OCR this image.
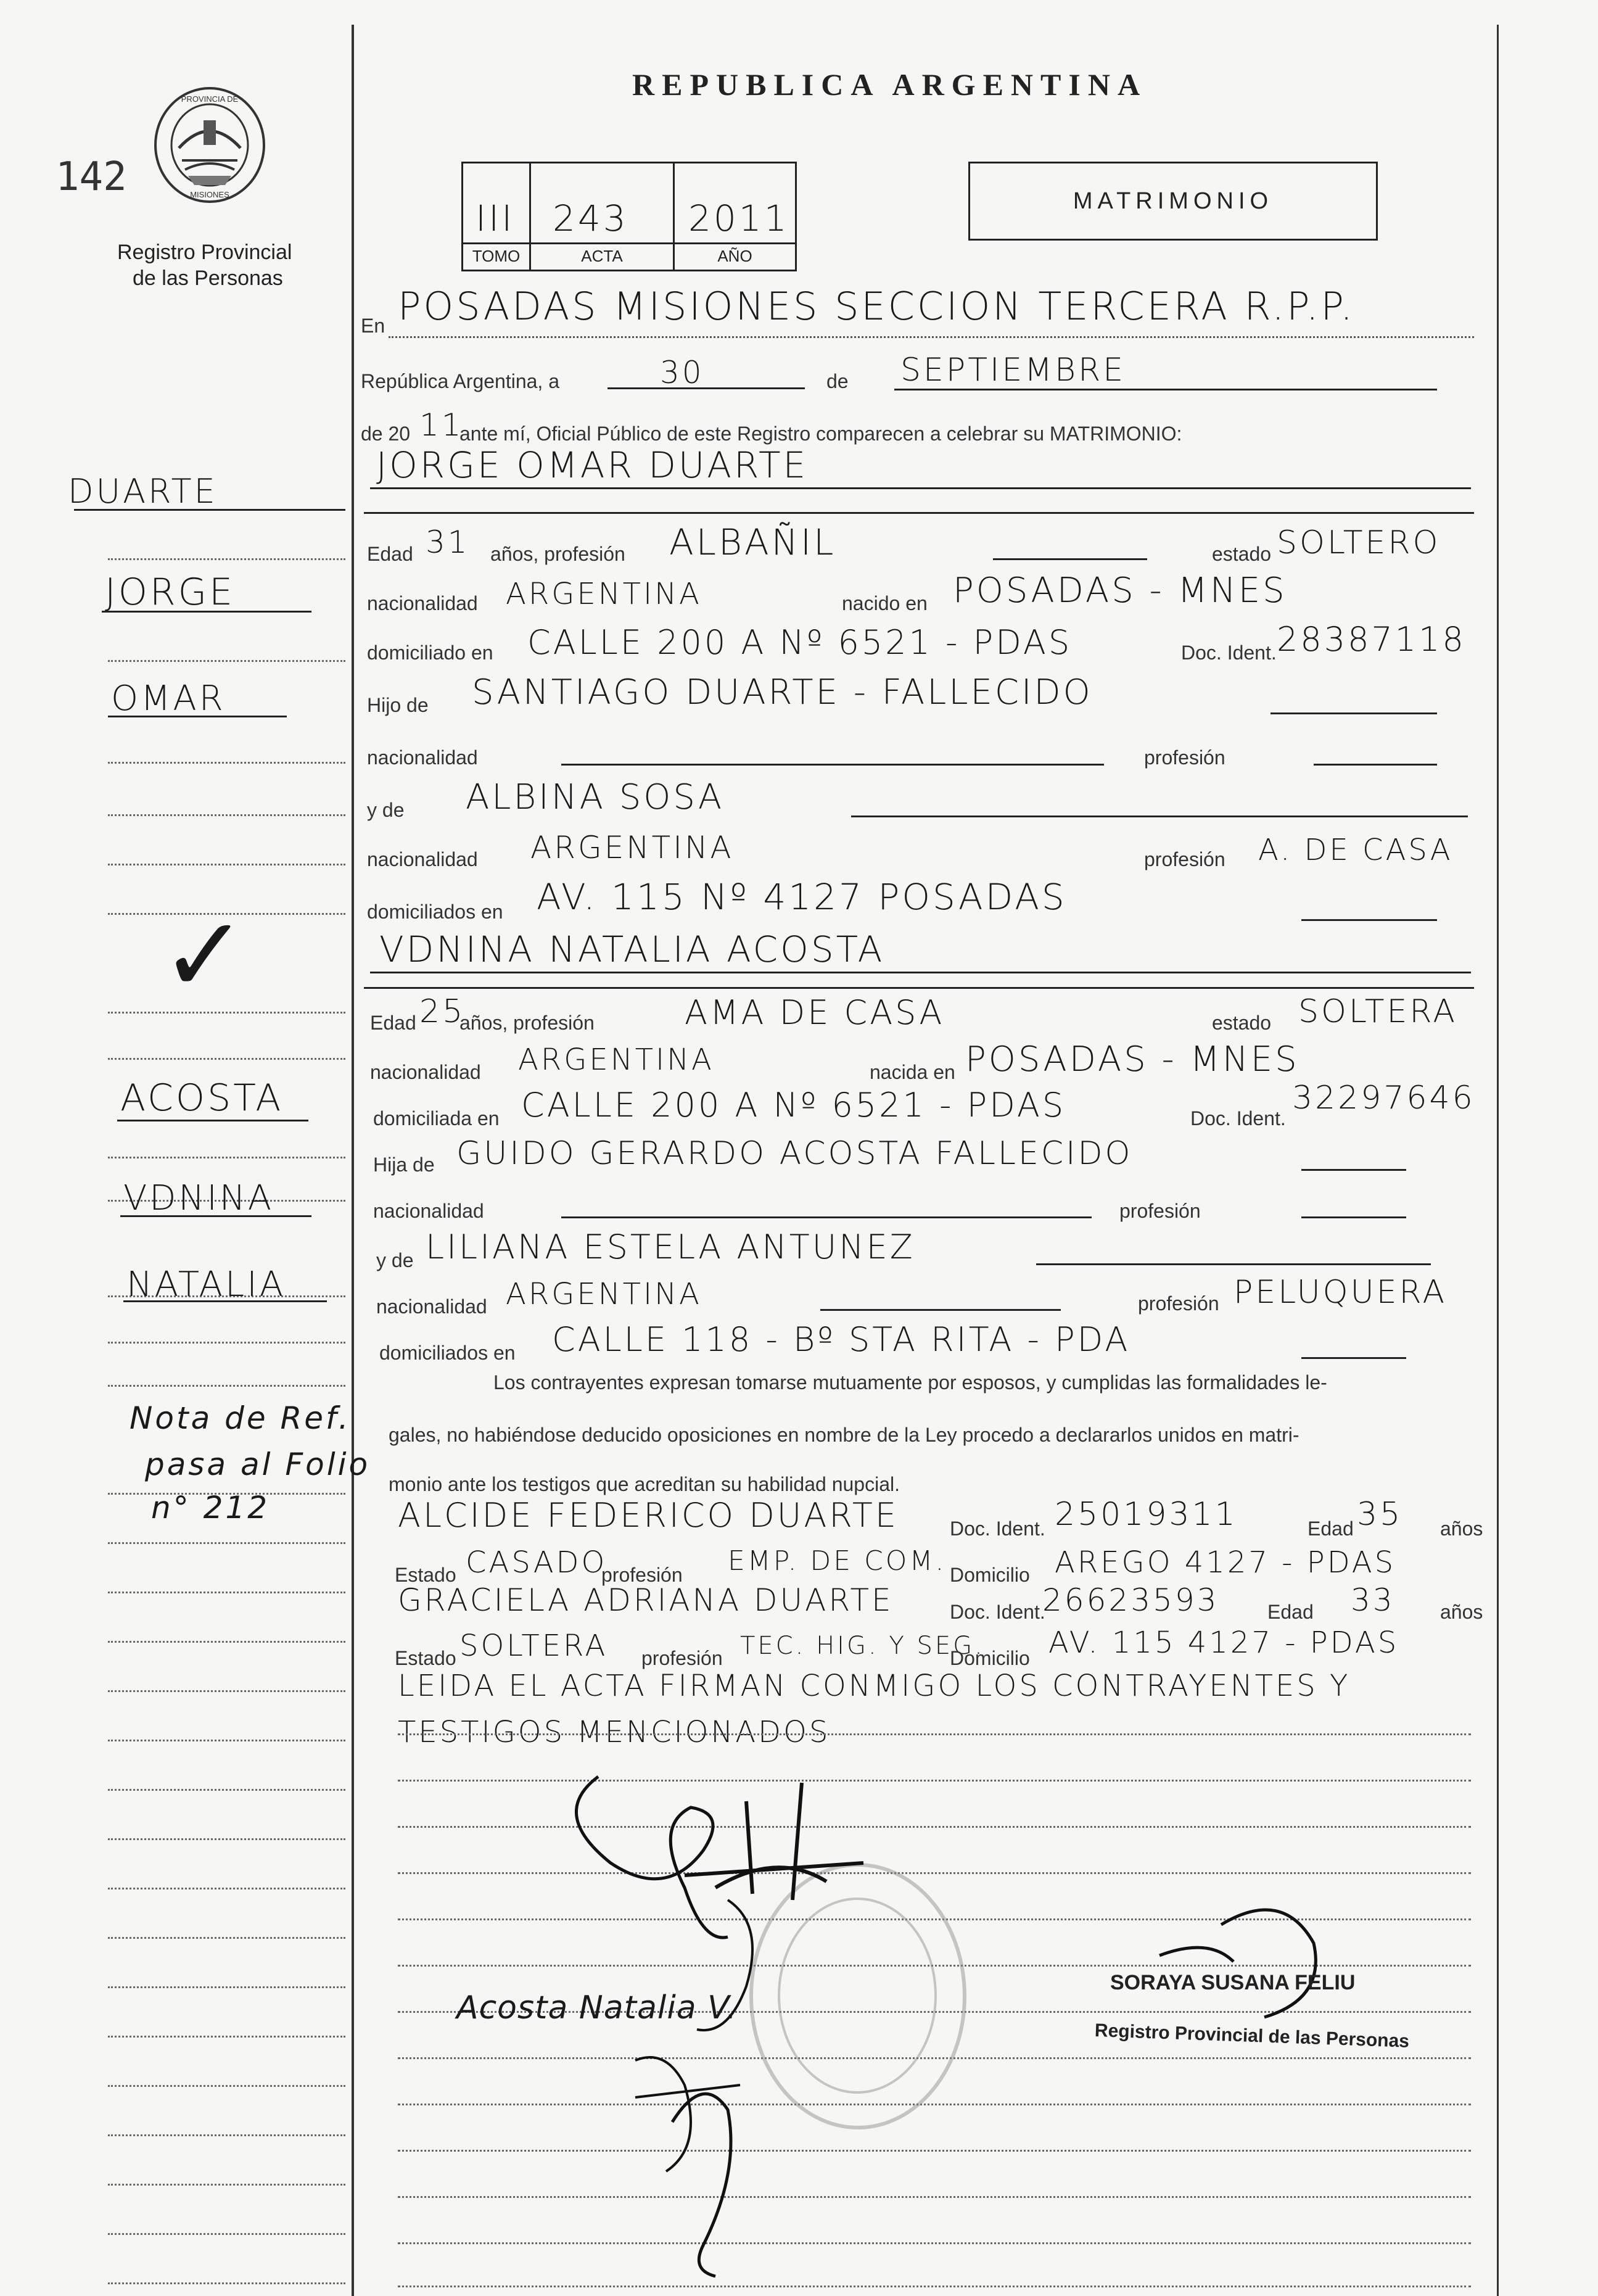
REPUBLICA ARGENTINA
142
PROVINCIA DE
MISIONES
Registro Provincial
de las Personas
III 243 2011
TOMO	ACTA	AÑO
MATRIMONIO
DUARTE
JORGE
OMAR
✓
ACOSTA
VDNINA
NATALIA
Nota de Ref.
pasa al Folio
n° 212
En POSADAS MISIONES SECCION TERCERA R.P.P.
República Argentina, a	30	de SEPTIEMBRE
de 20 11
ante mí, Oficial Público de este Registro comparecen a celebrar su MATRIMONIO:
JORGE OMAR DUARTE
Edad 31 años, profesión ALBAÑIL	estado SOLTERO
nacionalidad ARGENTINA	nacido en POSADAS - MNES
domiciliado en CALLE 200 A Nº 6521 - PDAS	Doc. Ident. 28387118
Hijo de SANTIAGO DUARTE - FALLECIDO
nacionalidad	profesión
y de ALBINA SOSA
nacionalidad ARGENTINA	profesión A. DE CASA
domiciliados en AV. 115 Nº 4127 POSADAS
VDNINA NATALIA ACOSTA
Edad 25
años, profesión	AMA DE CASA	estado SOLTERA
nacionalidad ARGENTINA	nacida en POSADAS - MNES
domiciliada en CALLE 200 A Nº 6521 - PDAS	Doc. Ident.
32297646
Hija de GUIDO GERARDO ACOSTA FALLECIDO
nacionalidad	profesión
y de LILIANA ESTELA ANTUNEZ
nacionalidad ARGENTINA	profesión PELUQUERA
domiciliados en CALLE 118 - Bº STA RITA - PDA
Los contrayentes expresan tomarse mutuamente por esposos, y cumplidas las formalidades le-
gales, no habiéndose deducido oposiciones en nombre de la Ley procedo a declararlos unidos en matri-
monio ante los testigos que acreditan su habilidad nupcial.
ALCIDE FEDERICO DUARTE	Doc. Ident. 25019311	Edad 35 años
Estado CASADO
profesión EMP. DE COM. Domicilio AREGO 4127 - PDAS
GRACIELA ADRIANA DUARTE	Doc. Ident.
26623593 Edad 33 años
Estado SOLTERA profesión TEC. HIG. Y SEG.
Domicilio AV. 115 4127 - PDAS
LEIDA EL ACTA FIRMAN CONMIGO LOS CONTRAYENTES Y
TESTIGOS MENCIONADOS
Acosta Natalia V.
SORAYA SUSANA FELIU
Registro Provincial de las Personas
